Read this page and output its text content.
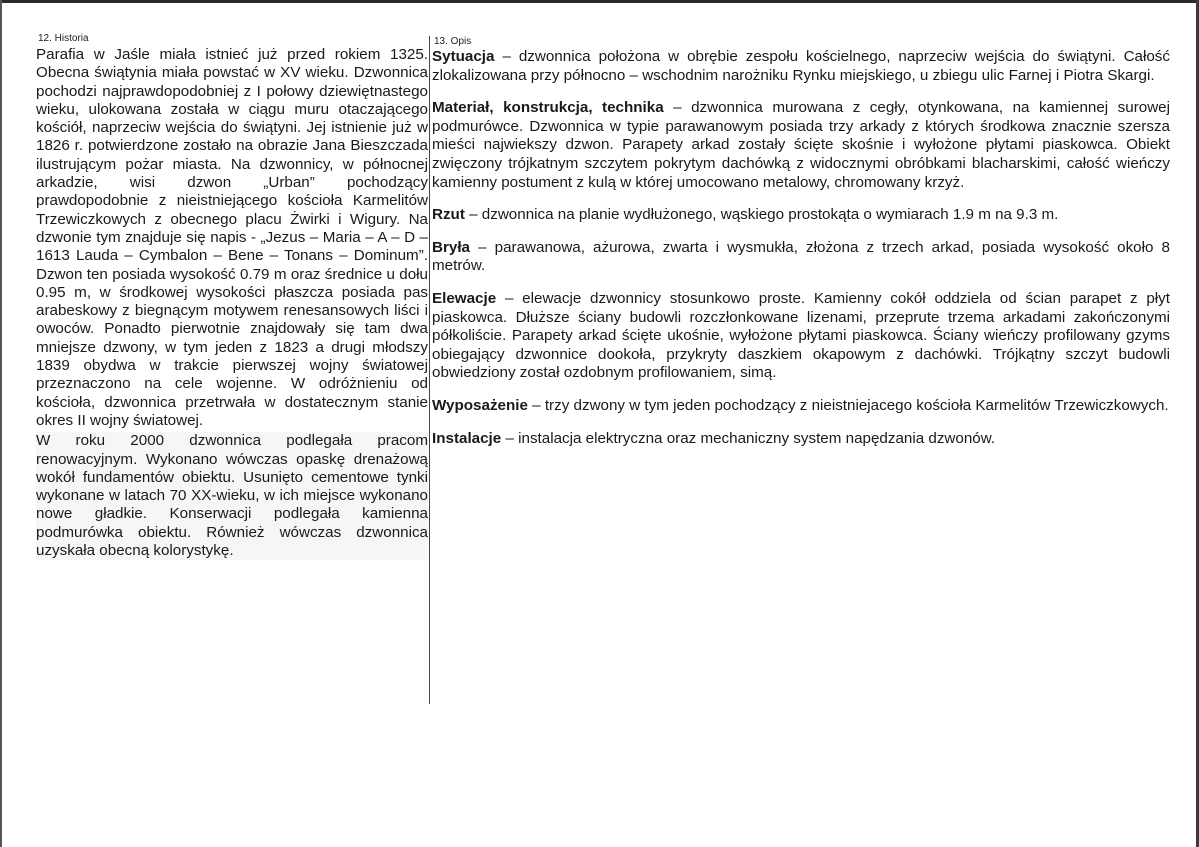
12. Historia

Parafia w Jaśle miała istnieć już przed rokiem 1325. Obecna świątynia miała powstać w XV wieku. Dzwonnica pochodzi najprawdopodobniej z I połowy dziewiętnastego wieku, ulokowana została w ciągu muru otaczającego kościół, naprzeciw wejścia do świątyni. Jej istnienie już w 1826 r. potwierdzone zostało na obrazie Jana Bieszczada ilustrującym pożar miasta. Na dzwonnicy, w północnej arkadzie, wisi dzwon „Urban” pochodzący prawdopodobnie z nieistniejącego kościoła Karmelitów Trzewiczkowych z obecnego placu Żwirki i Wigury. Na dzwonie tym znajduje się napis - „Jezus – Maria – A – D – 1613 Lauda – Cymbalon – Bene – Tonans – Dominum”. Dzwon ten posiada wysokość 0.79 m oraz średnice u dołu 0.95 m, w środkowej wysokości płaszcza posiada pas arabeskowy z biegnącym motywem renesansowych liści i owoców. Ponadto pierwotnie znajdowały się tam dwa mniejsze dzwony, w tym jeden z 1823 a drugi młodszy 1839 obydwa w trakcie pierwszej wojny światowej przeznaczono na cele wojenne. W odróżnieniu od kościoła, dzwonnica przetrwała w dostatecznym stanie okres II wojny światowej.

W roku 2000 dzwonnica podlegała pracom renowacyjnym. Wykonano wówczas opaskę drenażową wokół fundamentów obiektu. Usunięto cementowe tynki wykonane w latach 70 XX-wieku, w ich miejsce wykonano nowe gładkie. Konserwacji podlegała kamienna podmurówka obiektu. Również wówczas dzwonnica uzyskała obecną kolorystykę.

13. Opis

Sytuacja – dzwonnica położona w obrębie zespołu kościelnego, naprzeciw wejścia do świątyni. Całość zlokalizowana przy północno – wschodnim narożniku Rynku miejskiego, u zbiegu ulic Farnej i Piotra Skargi.

Materiał, konstrukcja, technika – dzwonnica murowana z cegły, otynkowana, na kamiennej surowej podmurówce. Dzwonnica w typie parawanowym posiada trzy arkady z których środkowa znacznie szersza mieści najwiekszy dzwon. Parapety arkad zostały ścięte skośnie i wyłożone płytami piaskowca. Obiekt zwięczony trójkatnym szczytem pokrytym dachówką z widocznymi obróbkami blacharskimi, całość wieńczy kamienny postument z kulą w której umocowano metalowy, chromowany krzyż.

Rzut – dzwonnica na planie wydłużonego, wąskiego prostokąta o wymiarach 1.9 m na 9.3 m.

Bryła – parawanowa, ażurowa, zwarta i wysmukła, złożona z trzech arkad, posiada wysokość około 8 metrów.

Elewacje – elewacje dzwonnicy stosunkowo proste. Kamienny cokół oddziela od ścian parapet z płyt piaskowca. Dłuższe ściany budowli rozczłonkowane lizenami, przeprute trzema arkadami zakończonymi półkoliście. Parapety arkad ścięte ukośnie, wyłożone płytami piaskowca. Ściany wieńczy profilowany gzyms obiegający dzwonnice dookoła, przykryty daszkiem okapowym z dachówki. Trójkątny szczyt budowli obwiedziony został ozdobnym profilowaniem, simą.

Wyposażenie – trzy dzwony w tym jeden pochodzący z nieistniejacego kościoła Karmelitów Trzewiczkowych.

Instalacje – instalacja elektryczna oraz mechaniczny system napędzania dzwonów.
